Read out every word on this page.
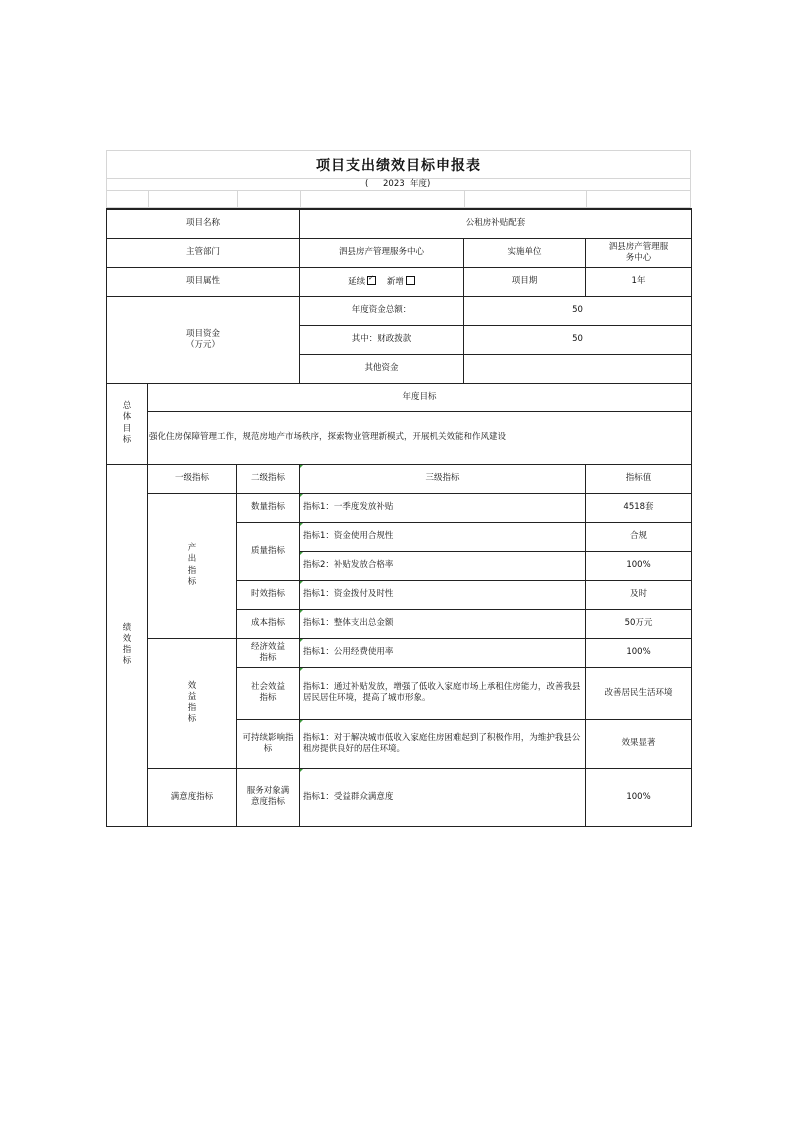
项目支出绩效目标申报表
( 2023 年度)
项目名称			公租房补贴配套		
主管部门			泗县房产管理服务中心	实施单位	泗县房产管理服务中心
项目属性			延续 ✓ 新增	项目期	1年
项目资金（万元）			年度资金总额：	50	
			其中：财政拨款	50	
			其他资金		
总体目标	年度目标				
	强化住房保障管理工作，规范房地产市场秩序，探索物业管理新模式，开展机关效能和作风建设				
绩效指标	一级指标	二级指标	三级指标		指标值
	产出指标	数量指标	指标1：一季度发放补贴		4518套
		质量指标	指标1：资金使用合规性		合规
			指标2：补贴发放合格率		100%
		时效指标	指标1：资金拨付及时性		及时
		成本指标	指标1：整体支出总金额		50万元
	效益指标	经济效益指标	指标1：公用经费使用率		100%
		社会效益指标	指标1：通过补贴发放，增强了低收入家庭市场上承租住房能力，改善我县居民居住环境，提高了城市形象。		改善居民生活环境
		可持续影响指标	指标1：对于解决城市低收入家庭住房困难起到了积极作用，为维护我县公租房提供良好的居住环境。		效果显著
	满意度指标	服务对象满意度指标	指标1：受益群众满意度		100%
